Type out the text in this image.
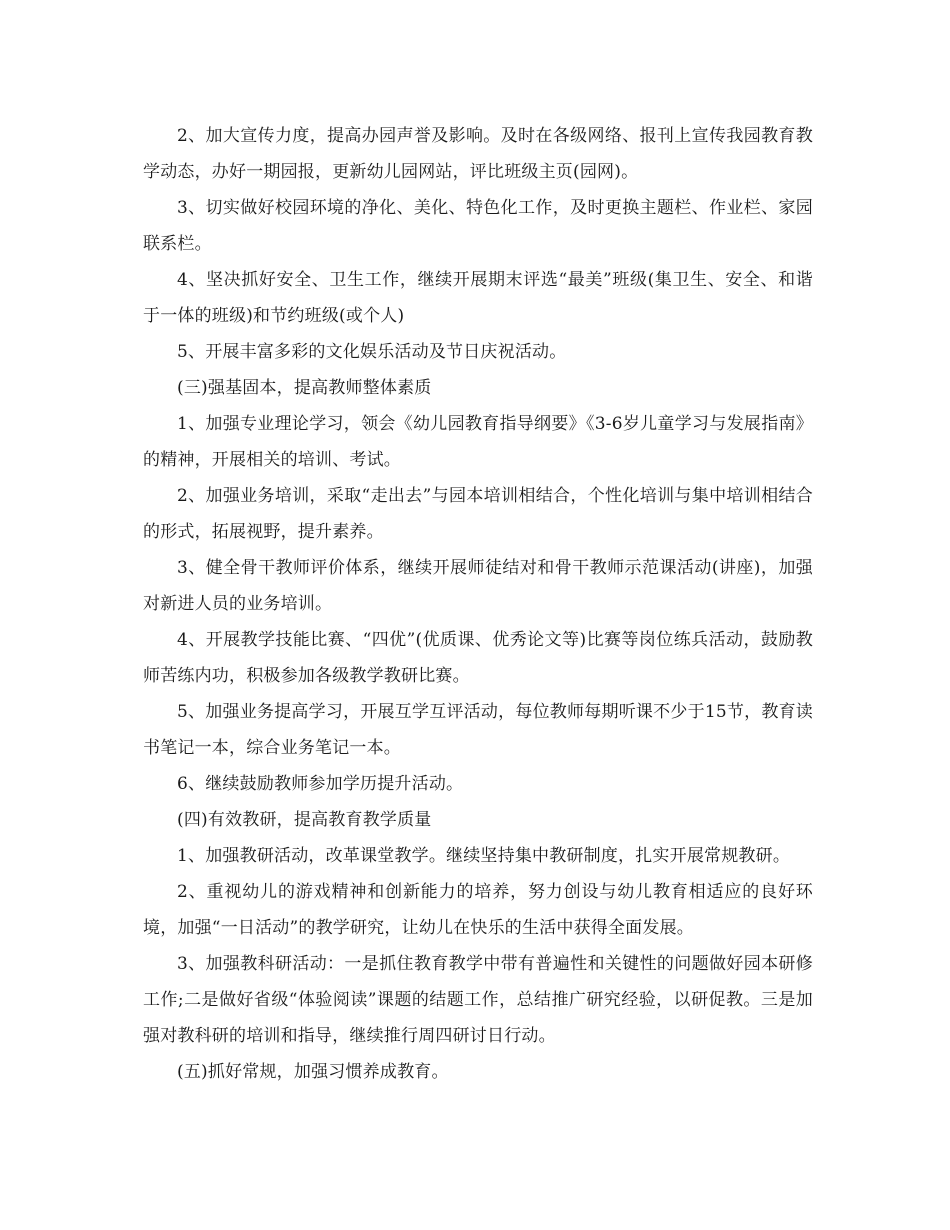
2、加大宣传力度，提高办园声誉及影响。及时在各级网络、报刊上宣传我园教育教学动态，办好一期园报，更新幼儿园网站，评比班级主页(园网)。

3、切实做好校园环境的净化、美化、特色化工作，及时更换主题栏、作业栏、家园联系栏。

4、坚决抓好安全、卫生工作，继续开展期末评选“最美”班级(集卫生、安全、和谐于一体的班级)和节约班级(或个人)

5、开展丰富多彩的文化娱乐活动及节日庆祝活动。

(三)强基固本，提高教师整体素质

1、加强专业理论学习，领会《幼儿园教育指导纲要》《3-6岁儿童学习与发展指南》的精神，开展相关的培训、考试。

2、加强业务培训，采取“走出去”与园本培训相结合，个性化培训与集中培训相结合的形式，拓展视野，提升素养。

3、健全骨干教师评价体系，继续开展师徒结对和骨干教师示范课活动(讲座)，加强对新进人员的业务培训。

4、开展教学技能比赛、“四优”(优质课、优秀论文等)比赛等岗位练兵活动，鼓励教师苦练内功，积极参加各级教学教研比赛。

5、加强业务提高学习，开展互学互评活动，每位教师每期听课不少于15节，教育读书笔记一本，综合业务笔记一本。

6、继续鼓励教师参加学历提升活动。

(四)有效教研，提高教育教学质量

1、加强教研活动，改革课堂教学。继续坚持集中教研制度，扎实开展常规教研。

2、重视幼儿的游戏精神和创新能力的培养，努力创设与幼儿教育相适应的良好环境，加强“一日活动”的教学研究，让幼儿在快乐的生活中获得全面发展。

3、加强教科研活动：一是抓住教育教学中带有普遍性和关键性的问题做好园本研修工作;二是做好省级“体验阅读”课题的结题工作，总结推广研究经验，以研促教。三是加强对教科研的培训和指导，继续推行周四研讨日行动。

(五)抓好常规，加强习惯养成教育。
